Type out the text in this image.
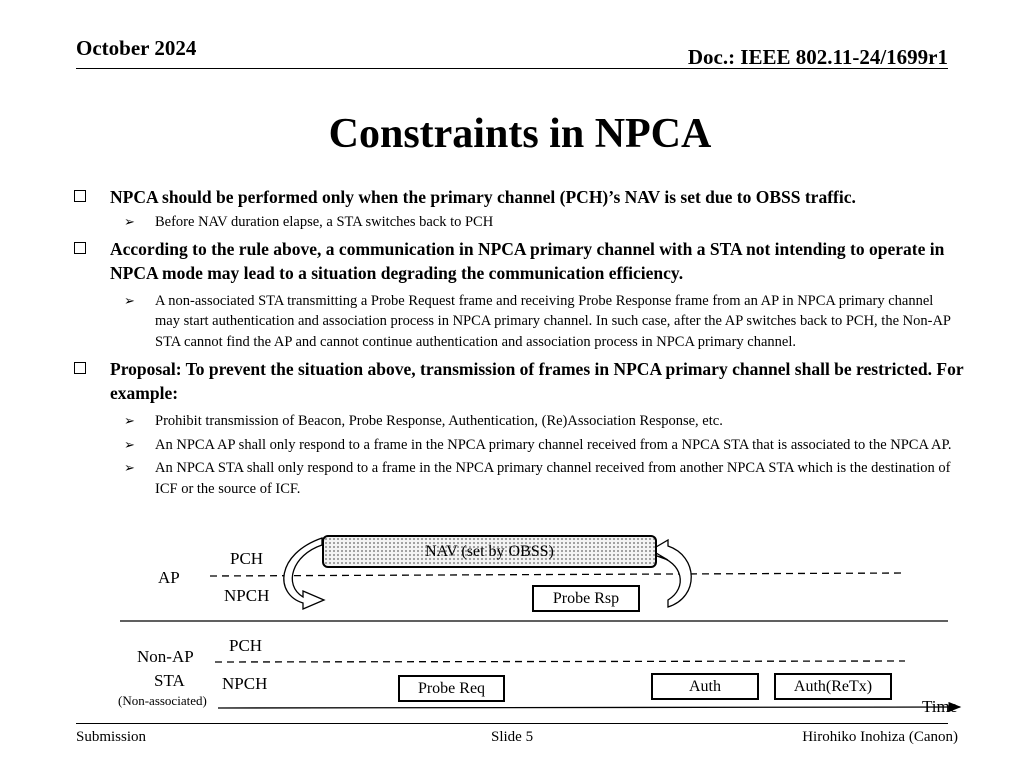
October 2024	Doc.: IEEE 802.11-24/1699r1
Constraints in NPCA
NPCA should be performed only when the primary channel (PCH)’s NAV is set due to OBSS traffic.
➢ Before NAV duration elapse, a STA switches back to PCH
According to the rule above, a communication in NPCA primary channel with a STA not intending to operate in NPCA mode may lead to a situation degrading the communication efficiency.
➢ A non-associated STA transmitting a Probe Request frame and receiving Probe Response frame from an AP in NPCA primary channel may start authentication and association process in NPCA primary channel. In such case, after the AP switches back to PCH, the Non-AP STA cannot find the AP and cannot continue authentication and association process in NPCA primary channel.
Proposal: To prevent the situation above, transmission of frames in NPCA primary channel shall be restricted. For example:
➢ Prohibit transmission of Beacon, Probe Response, Authentication, (Re)Association Response, etc.
➢ An NPCA AP shall only respond to a frame in the NPCA primary channel received from a NPCA STA that is associated to the NPCA AP.
➢ An NPCA STA shall only respond to a frame in the NPCA primary channel received from another NPCA STA which is the destination of ICF or the source of ICF.
NAV (set by OBSS)
AP
PCH
NPCH	Probe Rsp
Non-AP
STA
(Non-associated)
PCH
NPCH	Probe Req	Auth	Auth(ReTx)
Time
Submission	Slide 5	Hirohiko Inohiza (Canon)
